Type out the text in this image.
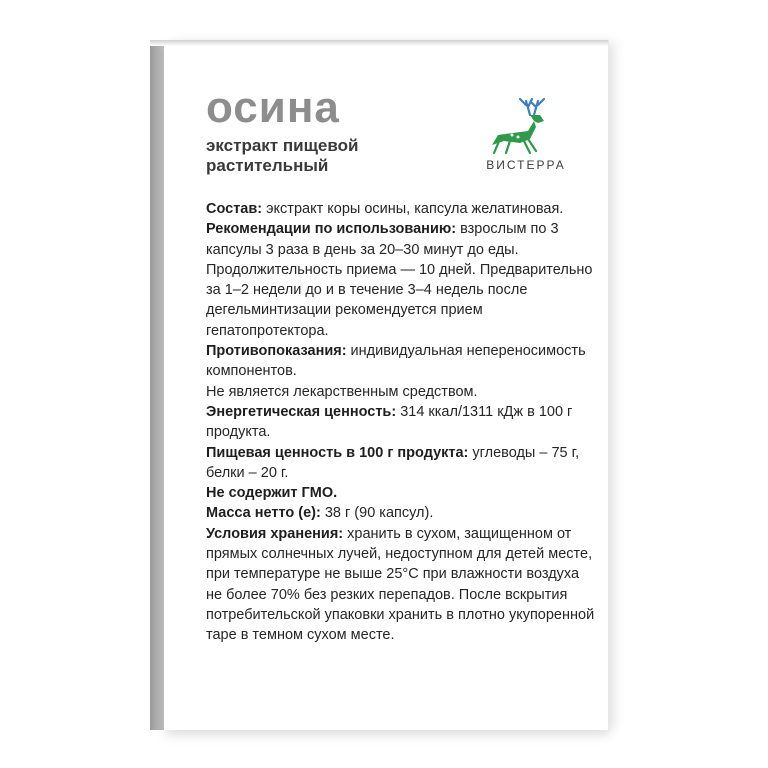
осина
экстракт пищевой растительный	ВИСТЕРРА

Состав: экстракт коры осины, капсула желатиновая.

Рекомендации по использованию: взрослым по 3 капсулы 3 раза в день за 20–30 минут до еды. Продолжительность приема — 10 дней. Предварительно за 1–2 недели до и в течение 3–4 недель после дегельминтизации рекомендуется прием гепатопротектора.

Противопоказания: индивидуальная непереносимость компонентов.

Не является лекарственным средством.

Энергетическая ценность: 314 ккал/1311 кДж в 100 г продукта.

Пищевая ценность в 100 г продукта: углеводы – 75 г, белки – 20 г.

Не содержит ГМО.

Масса нетто (е): 38 г (90 капсул).

Условия хранения: хранить в сухом, защищенном от прямых солнечных лучей, недоступном для детей месте, при температуре не выше 25°C при влажности воздуха не более 70% без резких перепадов. После вскрытия потребительской упаковки хранить в плотно укупоренной таре в темном сухом месте.
